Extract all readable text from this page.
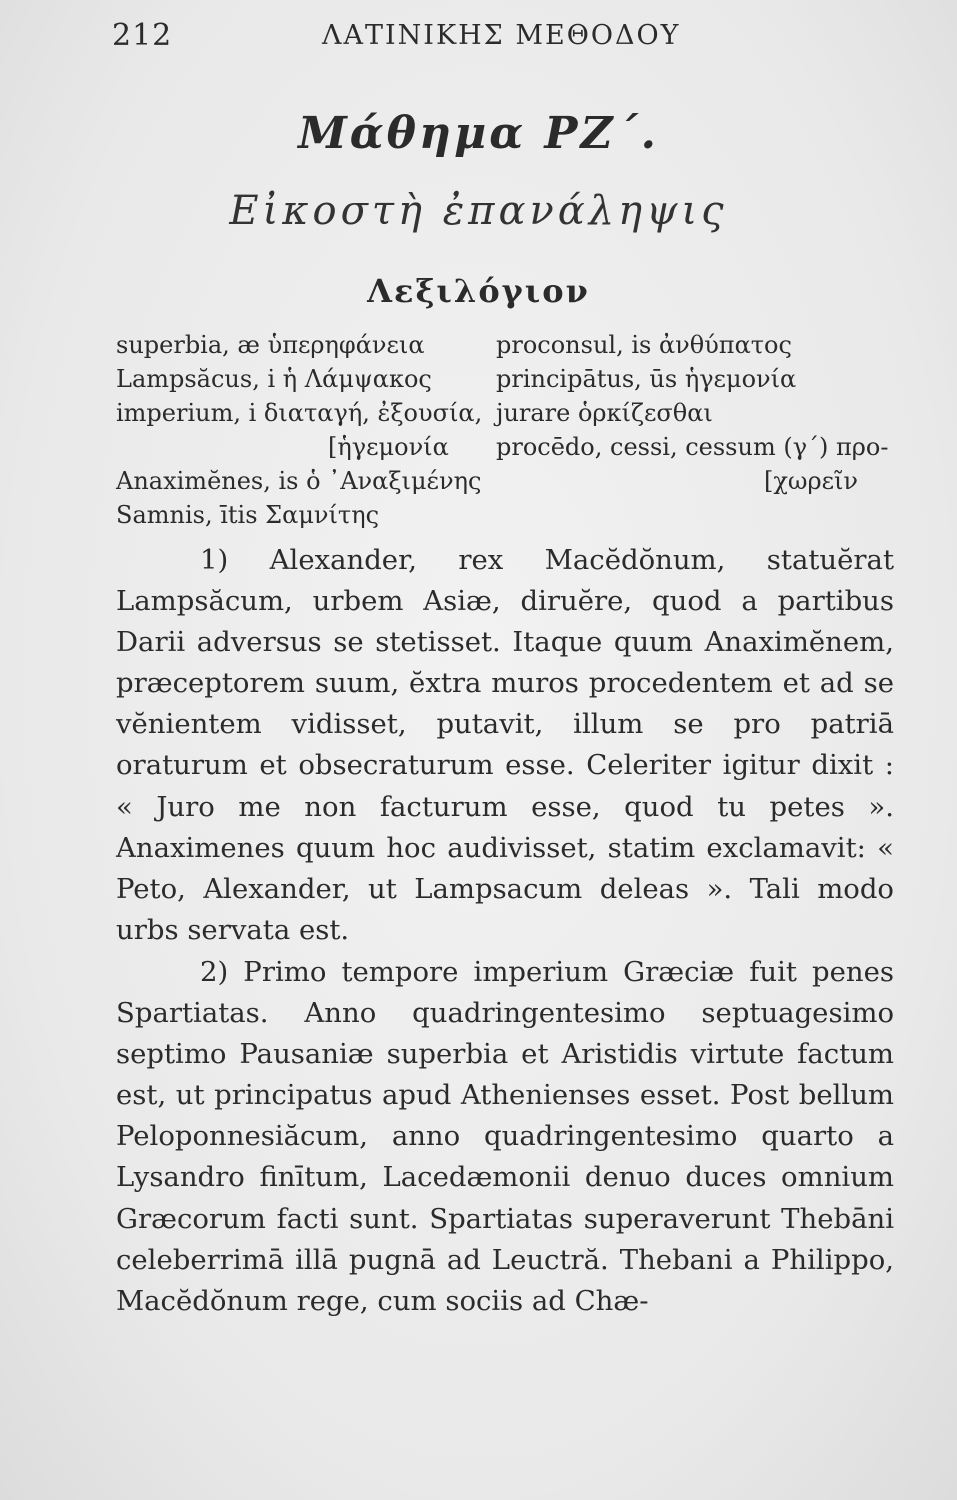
212	ΛΑΤΙΝΙΚΗΣ ΜΕΘΟΔΟΥ
Μάθημα ΡΖ΄.
Εἰκοστὴ ἐπανάληψις
Λεξιλόγιον
superbia, æ ὑπερηφάνεια
Lampsăcus, i ἡ Λάμψακος
imperium, i διαταγή, ἐξουσία,
[ἡγεμονία
Anaximĕnes, is ὁ ᾿Αναξιμένης
Samnis, ītis Σαμνίτης
proconsul, is ἀνθύπατος
principātus, ūs ἡγεμονία
jurare ὁρκίζεσθαι
procēdo, cessi, cessum (γ΄) προ-
[χωρεῖν

1) Alexander, rex Macĕdŏnum, statuĕrat Lampsăcum, urbem Asiæ, diruĕre, quod a partibus Darii adversus se stetisset. Itaque quum Anaximĕnem, præceptorem suum, ĕxtra muros procedentem et ad se vĕnientem vidisset, putavit, illum se pro patriā oraturum et obsecraturum esse. Celeriter igitur dixit : « Juro me non facturum esse, quod tu petes ». Anaximenes quum hoc audivisset, statim exclamavit: « Peto, Alexander, ut Lampsacum deleas ». Tali modo urbs servata est.

2) Primo tempore imperium Græciæ fuit penes Spartiatas. Anno quadringentesimo septuagesimo septimo Pausaniæ superbia et Aristidis virtute factum est, ut principatus apud Athenienses esset. Post bellum Peloponnesiăcum, anno quadringentesimo quarto a Lysandro finītum, Lacedæmonii denuo duces omnium Græcorum facti sunt. Spartiatas superaverunt Thebāni celeberrimā illā pugnā ad Leuctră. Thebani a Philippo, Macĕdŏnum rege, cum sociis ad Chæ-
